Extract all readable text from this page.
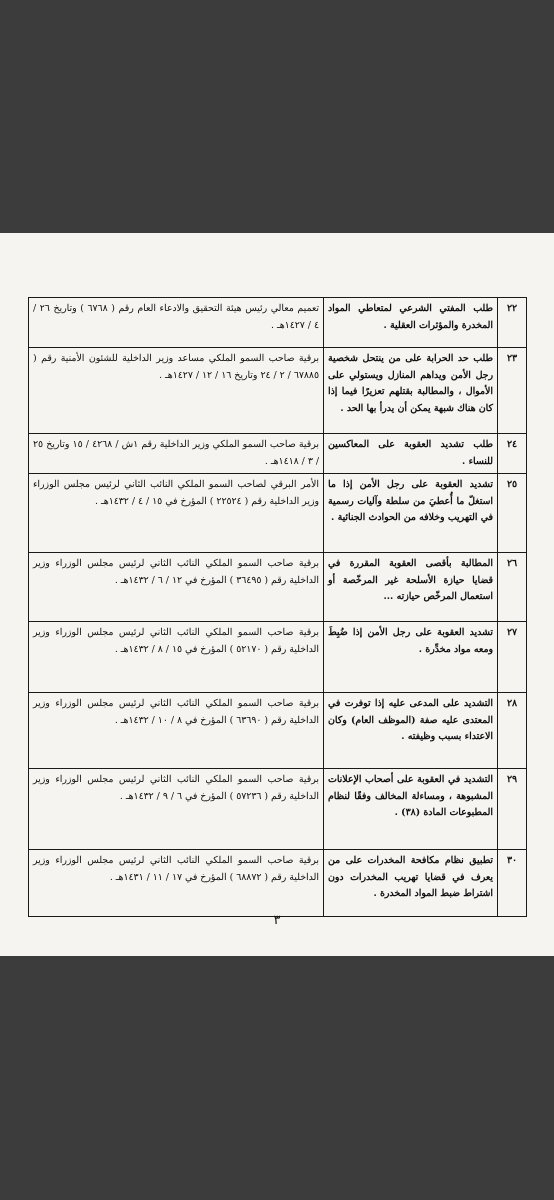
٢٢	طلب المفتي الشرعي لمتعاطي المواد المخدرة والمؤثرات العقلية .	تعميم معالي رئيس هيئة التحقيق والادعاء العام رقم ( ٦٧٦٨ ) وتاريخ ٢٦ / ٤ / ١٤٢٧هـ .
٢٣	طلب حد الحرابة على من ينتحل شخصية رجل الأمن ويداهم المنازل ويستولي على الأموال ، والمطالبة بقتلهم تعزيرًا فيما إذا كان هناك شبهة يمكن أن يدرأ بها الحد .	برقية صاحب السمو الملكي مساعد وزير الداخلية للشئون الأمنية رقم ( ٦٧٨٨٥ / ٢ / ٢٤ وتاريخ ١٦ / ١٢ / ١٤٢٧هـ .
٢٤	طلب تشديد العقوبة على المعاكسين للنساء .	برقية صاحب السمو الملكي وزير الداخلية رقم ١ش / ٤٢٦٨ / ١٥ وتاريخ ٢٥ / ٣ / ١٤١٨هـ .
٢٥	تشديد العقوبة على رجل الأمن إذا ما استغلّ ما أُعطيَ من سلطة وآليات رسمية في التهريب وخلافه من الحوادث الجنائية .	الأمر البرقي لصاحب السمو الملكي النائب الثاني لرئيس مجلس الوزراء وزير الداخلية رقم ( ٢٢٥٢٤ ) المؤرخ في ١٥ / ٤ / ١٤٣٢هـ .
٢٦	المطالبة بأقصى العقوبة المقررة في قضايا حيازة الأسلحة غير المرخّصة أو استعمال المرخّص حيازته ...	برقية صاحب السمو الملكي النائب الثاني لرئيس مجلس الوزراء وزير الداخلية رقم ( ٣٦٤٩٥ ) المؤرخ في ١٢ / ٦ / ١٤٣٢هـ .
٢٧	تشديد العقوبة على رجل الأمن إذا ضُبِطَ ومعه مواد مخدِّرة .	برقية صاحب السمو الملكي النائب الثاني لرئيس مجلس الوزراء وزير الداخلية رقم ( ٥٢١٧٠ ) المؤرخ في ١٥ / ٨ / ١٤٣٢هـ .
٢٨	التشديد على المدعى عليه إذا توفرت في المعتدى عليه صفة (الموظف العام) وكان الاعتداء بسبب وظيفته .	برقية صاحب السمو الملكي النائب الثاني لرئيس مجلس الوزراء وزير الداخلية رقم ( ٦٣٦٩٠ ) المؤرخ في ٨ / ١٠ / ١٤٣٢هـ .
٢٩	التشديد في العقوبة على أصحاب الإعلانات المشبوهة ، ومساءلة المخالف وفقًا لنظام المطبوعات المادة (٣٨) .	برقية صاحب السمو الملكي النائب الثاني لرئيس مجلس الوزراء وزير الداخلية رقم ( ٥٧٢٣٦ ) المؤرخ في ٦ / ٩ / ١٤٣٢هـ .
٣٠	تطبيق نظام مكافحة المخدرات على من يعرف في قضايا تهريب المخدرات دون اشتراط ضبط المواد المخدرة .	برقية صاحب السمو الملكي النائب الثاني لرئيس مجلس الوزراء وزير الداخلية رقم ( ٦٨٨٧٢ ) المؤرخ في ١٧ / ١١ / ١٤٣١هـ .
٣
